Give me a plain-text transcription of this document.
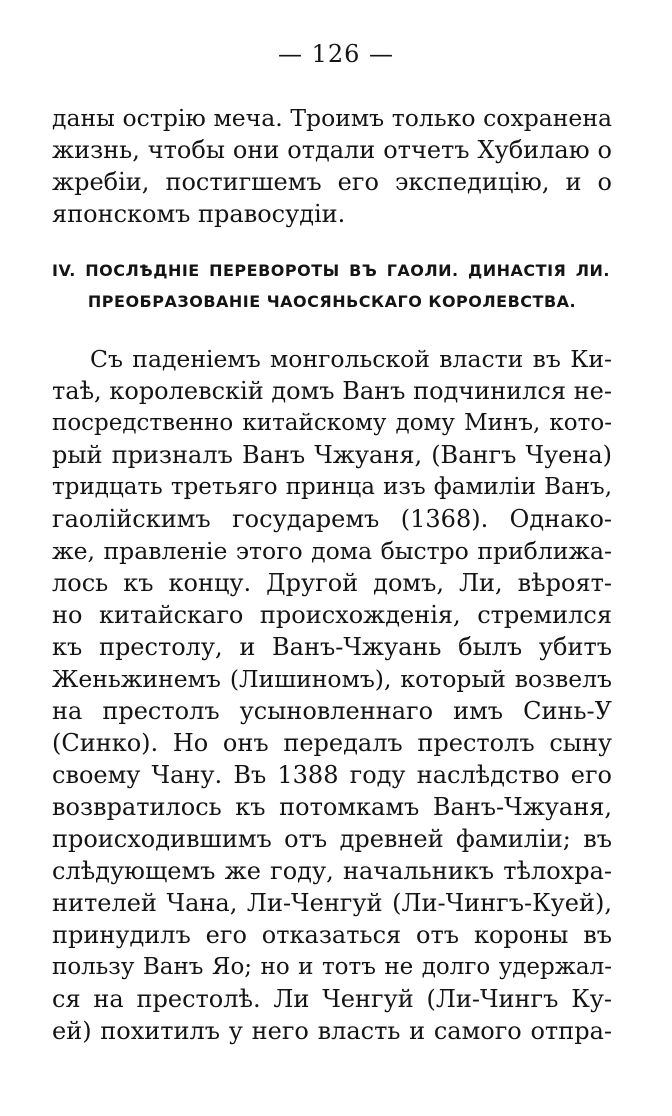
— 126 —
даны острію меча. Троимъ только сохранена
жизнь, чтобы они отдали отчетъ Хубилаю о
жребіи, постигшемъ его экспедицію, и о
японскомъ правосудіи.
IV. ПОСЛѢДНІЕ ПЕРЕВОРОТЫ ВЪ ГАОЛИ. ДИНАСТІЯ ЛИ.
ПРЕОБРАЗОВАНІЕ ЧАОСЯНЬСКАГО КОРОЛЕВСТВА.
Съ паденіемъ монгольской власти въ Ки-
таѣ, королевскій домъ Ванъ подчинился не-
посредственно китайскому дому Минъ, кото-
рый призналъ Ванъ Чжуаня, (Вангъ Чуена)
тридцать третьяго принца изъ фамиліи Ванъ,
гаолійскимъ государемъ (1368). Однако-
же, правленіе этого дома быстро приближа-
лось къ концу. Другой домъ, Ли, вѣроят-
но китайскаго происхожденія, стремился
къ престолу, и Ванъ-Чжуань былъ убитъ
Женьжинемъ (Лишиномъ), который возвелъ
на престолъ усыновленнаго имъ Синь-У
(Синко). Но онъ передалъ престолъ сыну
своему Чану. Въ 1388 году наслѣдство его
возвратилось къ потомкамъ Ванъ-Чжуаня,
происходившимъ отъ древней фамиліи; въ
слѣдующемъ же году, начальникъ тѣлохра-
нителей Чана, Ли-Ченгуй (Ли-Чингъ-Куей),
принудилъ его отказаться отъ короны въ
пользу Ванъ Яо; но и тотъ не долго удержал-
ся на престолѣ. Ли Ченгуй (Ли-Чингъ Ку-
ей) похитилъ у него власть и самого отпра-
